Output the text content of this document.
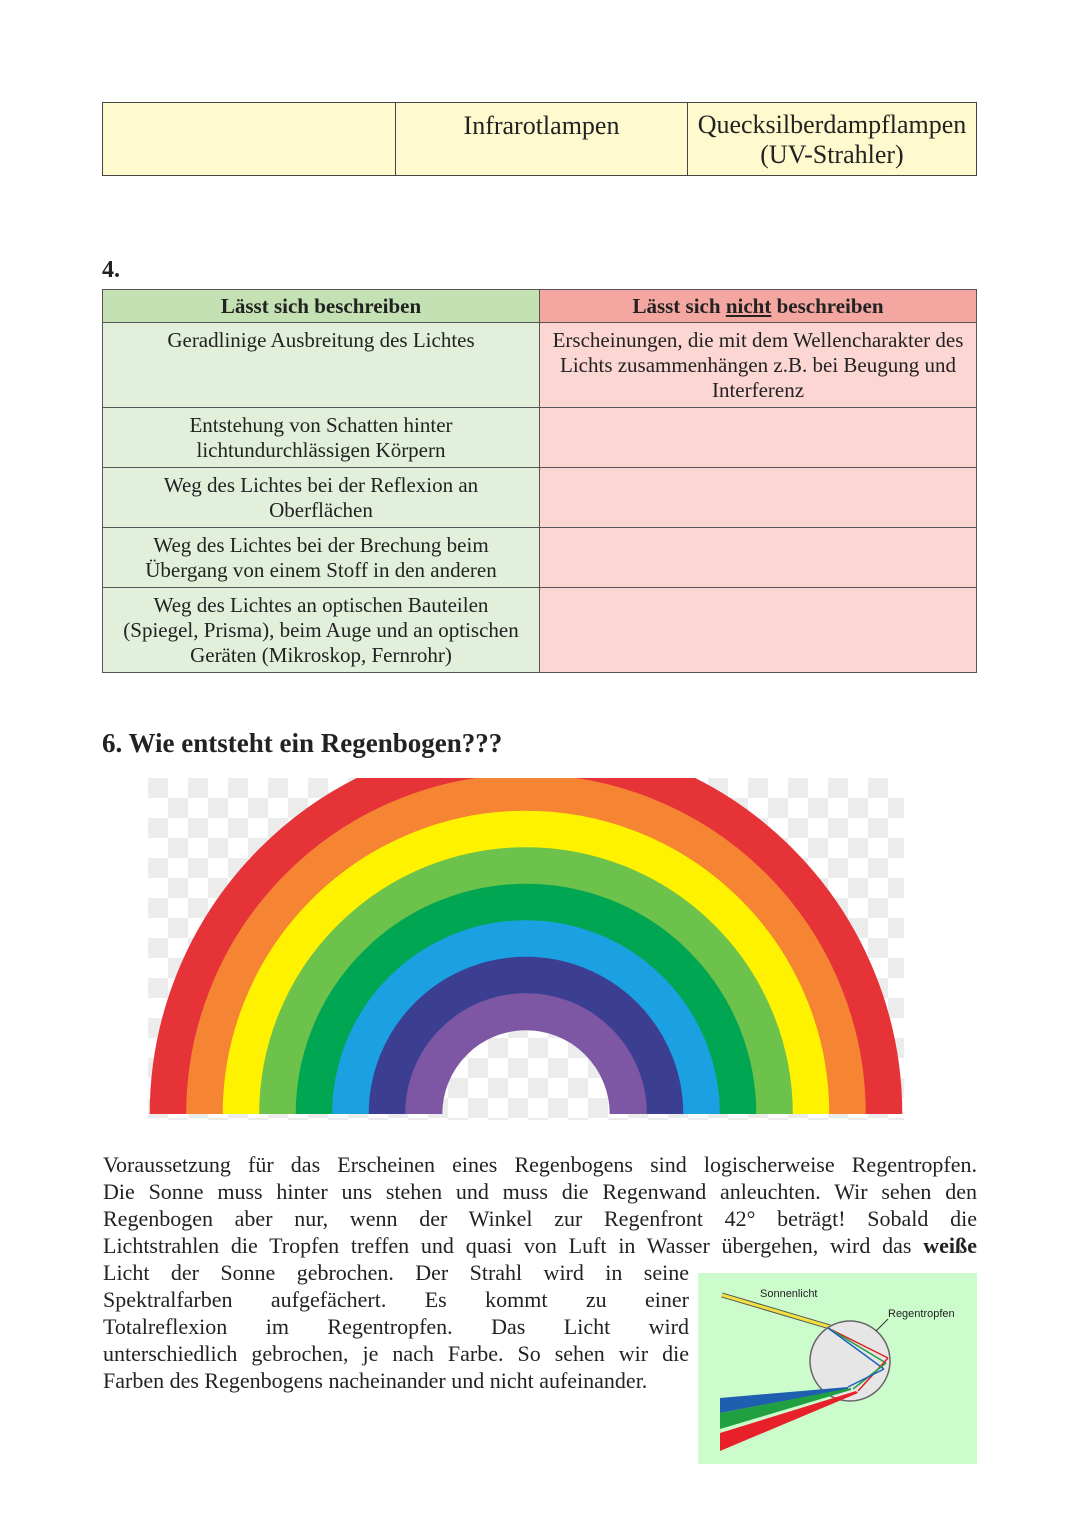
	Infrarotlampen	Quecksilberdampflampen
(UV-Strahler)
4.
Lässt sich beschreiben	Lässt sich nicht beschreiben
Geradlinige Ausbreitung des Lichtes	Erscheinungen, die mit dem Wellencharakter des
Lichts zusammenhängen z.B. bei Beugung und
Interferenz
Entstehung von Schatten hinter
lichtundurchlässigen Körpern	
Weg des Lichtes bei der Reflexion an
Oberflächen	
Weg des Lichtes bei der Brechung beim
Übergang von einem Stoff in den anderen	
Weg des Lichtes an optischen Bauteilen
(Spiegel, Prisma), beim Auge und an optischen
Geräten (Mikroskop, Fernrohr)	
6. Wie entsteht ein Regenbogen???
Voraussetzung für das Erscheinen eines Regenbogens sind logischerweise Regentropfen.
Die Sonne muss hinter uns stehen und muss die Regenwand anleuchten. Wir sehen den
Regenbogen aber nur, wenn der Winkel zur Regenfront 42° beträgt! Sobald die
Lichtstrahlen die Tropfen treffen und quasi von Luft in Wasser übergehen, wird das weiße
Licht der Sonne gebrochen. Der Strahl wird in seine
Spektralfarben aufgefächert. Es kommt zu einer
Totalreflexion im Regentropfen. Das Licht wird
unterschiedlich gebrochen, je nach Farbe. So sehen wir die
Farben des Regenbogens nacheinander und nicht aufeinander.
Sonnenlicht
Regentropfen
